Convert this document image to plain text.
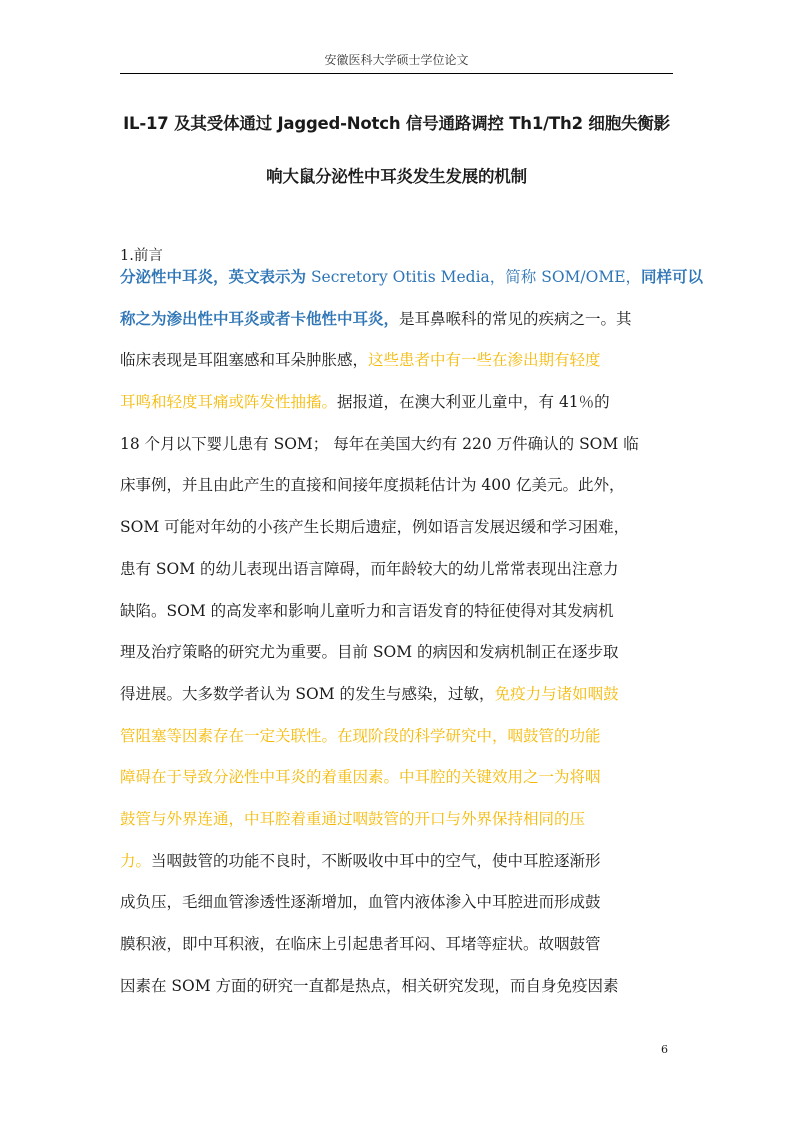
安徽医科大学硕士学位论文
IL-17 及其受体通过 Jagged-Notch 信号通路调控 Th1/Th2 细胞失衡影
响大鼠分泌性中耳炎发生发展的机制
1.前言
分泌性中耳炎，英文表示为 Secretory Otitis Media，简称 SOM/OME，同样可以
称之为渗出性中耳炎或者卡他性中耳炎，是耳鼻喉科的常见的疾病之一。其
临床表现是耳阻塞感和耳朵肿胀感，这些患者中有一些在渗出期有轻度
耳鸣和轻度耳痛或阵发性抽搐。据报道，在澳大利亚儿童中，有 41％的
18 个月以下婴儿患有 SOM； 每年在美国大约有 220 万件确认的 SOM 临
床事例，并且由此产生的直接和间接年度损耗估计为 400 亿美元。此外，
SOM 可能对年幼的小孩产生长期后遗症，例如语言发展迟缓和学习困难，
患有 SOM 的幼儿表现出语言障碍，而年龄较大的幼儿常常表现出注意力
缺陷。SOM 的高发率和影响儿童听力和言语发育的特征使得对其发病机
理及治疗策略的研究尤为重要。目前 SOM 的病因和发病机制正在逐步取
得进展。大多数学者认为 SOM 的发生与感染，过敏，免疫力与诸如咽鼓
管阻塞等因素存在一定关联性。在现阶段的科学研究中，咽鼓管的功能
障碍在于导致分泌性中耳炎的着重因素。中耳腔的关键效用之一为将咽
鼓管与外界连通，中耳腔着重通过咽鼓管的开口与外界保持相同的压
力。当咽鼓管的功能不良时，不断吸收中耳中的空气，使中耳腔逐渐形
成负压，毛细血管渗透性逐渐增加，血管内液体渗入中耳腔进而形成鼓
膜积液，即中耳积液，在临床上引起患者耳闷、耳堵等症状。故咽鼓管
因素在 SOM 方面的研究一直都是热点，相关研究发现，而自身免疫因素
6
